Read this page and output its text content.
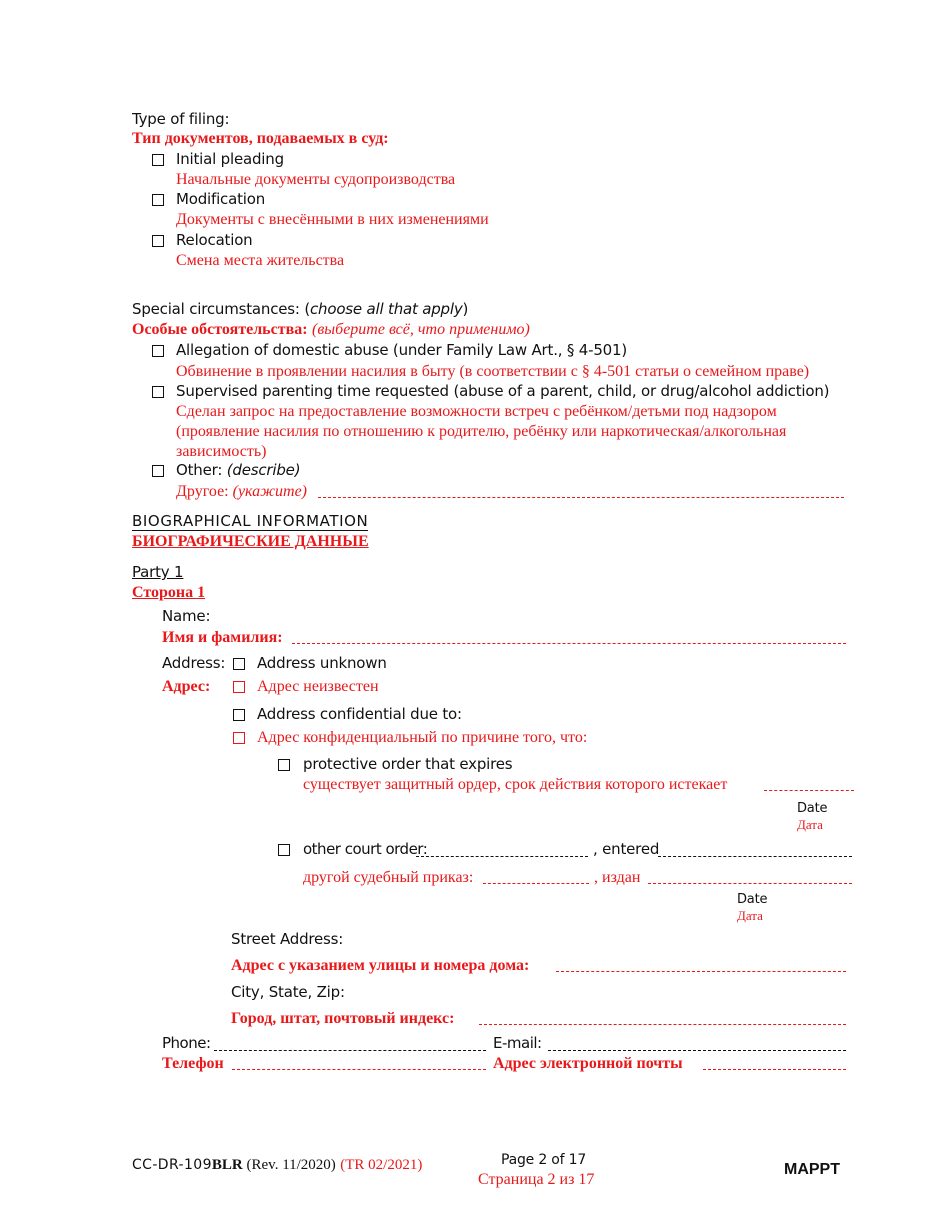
Type of filing:
Тип документов, подаваемых в суд:
Initial pleading
Начальные документы судопроизводства
Modification
Документы с внесёнными в них изменениями
Relocation
Смена места жительства
Special circumstances: (choose all that apply)
Особые обстоятельства: (выберите всё, что применимо)
Allegation of domestic abuse (under Family Law Art., § 4-501)
Обвинение в проявлении насилия в быту (в соответствии с § 4-501 статьи о семейном праве)
Supervised parenting time requested (abuse of a parent, child, or drug/alcohol addiction)
Сделан запрос на предоставление возможности встреч с ребёнком/детьми под надзором
(проявление насилия по отношению к родителю, ребёнку или наркотическая/алкогольная
зависимость)
Other: (describe)
Другое: (укажите)
BIOGRAPHICAL INFORMATION
БИОГРАФИЧЕСКИЕ ДАННЫЕ
Party 1
Сторона 1
Name:
Имя и фамилия:
Address:
Адрес:
Address unknown
Адрес неизвестен
Address confidential due to:
Адрес конфиденциальный по причине того, что:
protective order that expires
существует защитный ордер, срок действия которого истекает
Date
Дата
other court order:	, entered
другой судебный приказ:	, издан
Date
Дата
Street Address:
Адрес с указанием улицы и номера дома:
City, State, Zip:
Город, штат, почтовый индекс:
Phone:	E-mail:
Телефон	Адрес электронной почты
CC-DR-109BLR (Rev. 11/2020) (TR 02/2021)	Page 2 of 17
Страница 2 из 17
MAPPT
